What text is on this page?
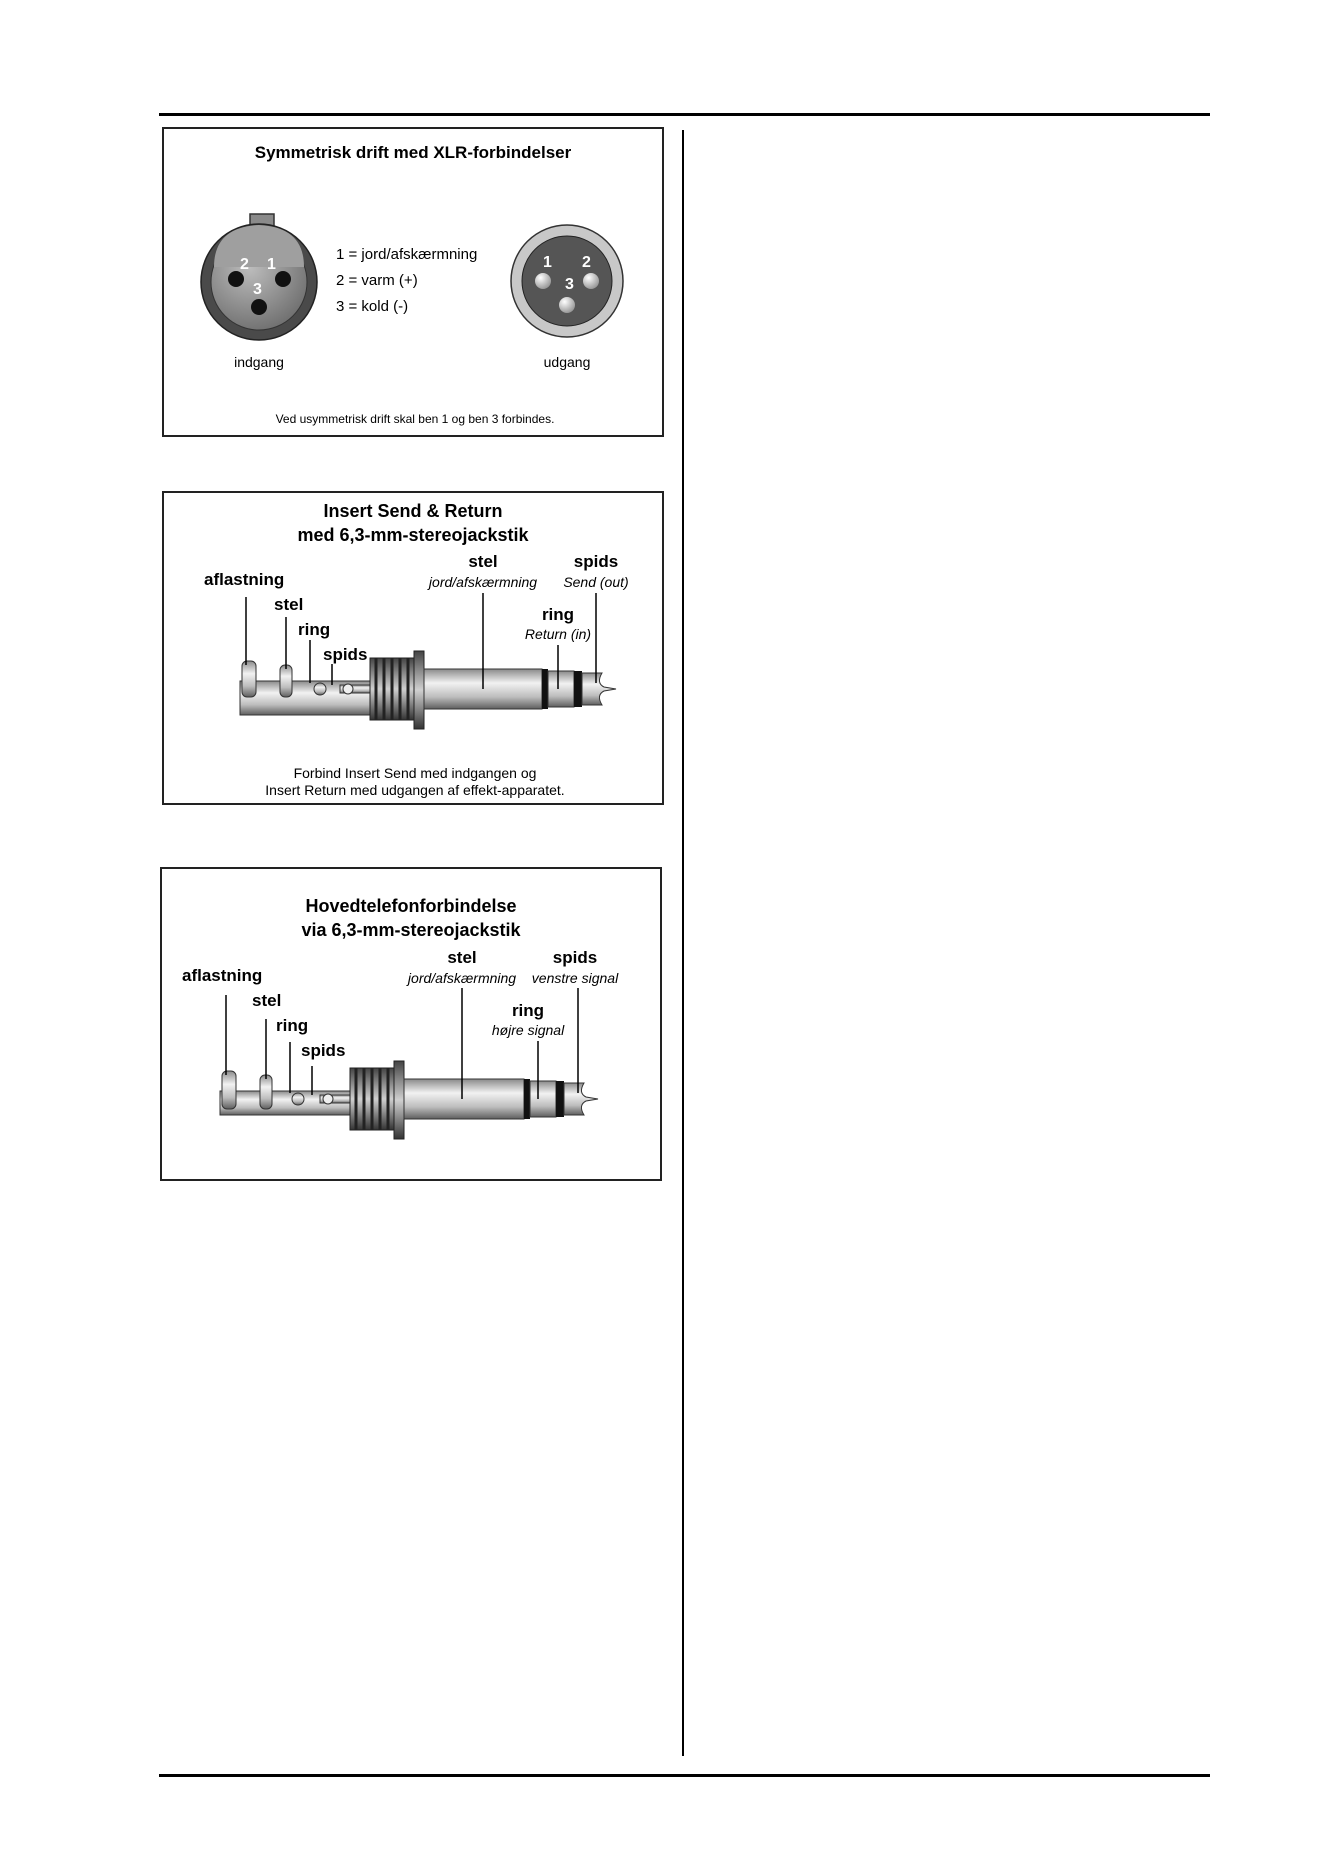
Symmetrisk drift med XLR-forbindelser
2 1
3
1 2
3
1 = jord/afskærmning
2 = varm (+)
3 = kold (-)
indgang	udgang
Ved usymmetrisk drift skal ben 1 og ben 3 forbindes.
Insert Send & Return
med 6,3-mm-stereojackstik
aflastning
stel
ring
spids
stel
jord/afskærmning
spids
Send (out)
ring
Return (in)
Forbind Insert Send med indgangen og
Insert Return med udgangen af effekt-apparatet.
Hovedtelefonforbindelse
via 6,3-mm-stereojackstik
aflastning
stel
ring
spids
stel
jord/afskærmning
spids
venstre signal
ring
højre signal
